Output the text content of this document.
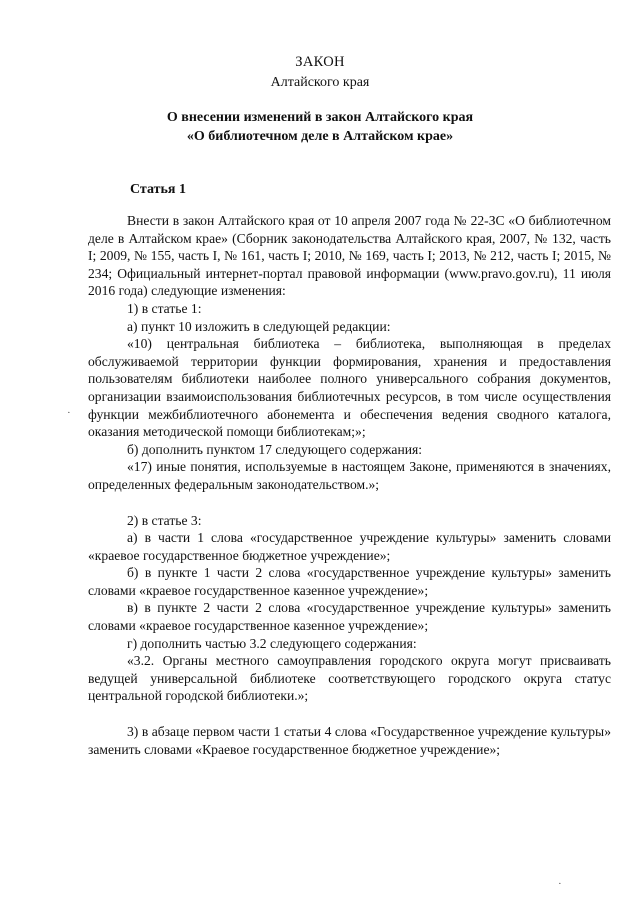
ЗАКОН
Алтайского края
О внесении изменений в закон Алтайского края
«О библиотечном деле в Алтайском крае»
Статья 1

Внести в закон Алтайского края от 10 апреля 2007 года № 22-ЗС «О библиотечном деле в Алтайском крае» (Сборник законодательства Алтайского края, 2007, № 132, часть I; 2009, № 155, часть I, № 161, часть I; 2010, № 169, часть I; 2013, № 212, часть I; 2015, № 234; Официальный интернет-портал правовой информации (www.pravo.gov.ru), 11 июля 2016 года) следующие изменения:

1) в статье 1:

а) пункт 10 изложить в следующей редакции:

«10) центральная библиотека – библиотека, выполняющая в пределах обслуживаемой территории функции формирования, хранения и предоставления пользователям библиотеки наиболее полного универсального собрания документов, организации взаимоиспользования библиотечных ресурсов, в том числе осуществления функции межбиблиотечного абонемента и обеспечения ведения сводного каталога, оказания методической помощи библиотекам;»;

б) дополнить пунктом 17 следующего содержания:

«17) иные понятия, используемые в настоящем Законе, применяются в значениях, определенных федеральным законодательством.»;

2) в статье 3:

а) в части 1 слова «государственное учреждение культуры» заменить словами «краевое государственное бюджетное учреждение»;

б) в пункте 1 части 2 слова «государственное учреждение культуры» заменить словами «краевое государственное казенное учреждение»;

в) в пункте 2 части 2 слова «государственное учреждение культуры» заменить словами «краевое государственное казенное учреждение»;

г) дополнить частью 3.2 следующего содержания:

«3.2. Органы местного самоуправления городского округа могут присваивать ведущей универсальной библиотеке соответствующего городского округа статус центральной городской библиотеки.»;

3) в абзаце первом части 1 статьи 4 слова «Государственное учреждение культуры» заменить словами «Краевое государственное бюджетное учреждение»;

·
·
